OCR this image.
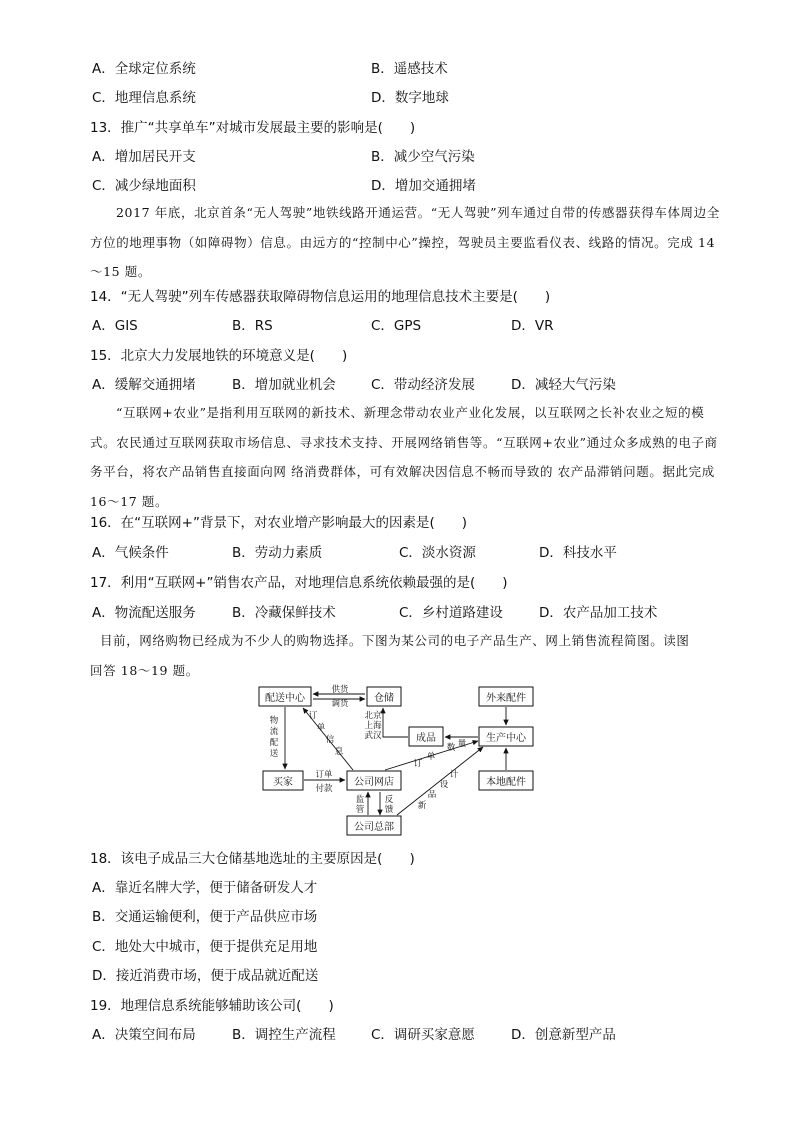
A．全球定位系统	B．遥感技术
C．地理信息系统	D．数字地球
13．推广“共享单车”对城市发展最主要的影响是(　　)
A．增加居民开支	B．减少空气污染
C．减少绿地面积	D．增加交通拥堵
2017 年底，北京首条“无人驾驶”地铁线路开通运营。“无人驾驶”列车通过自带的传感器获得车体周边全方位的地理事物（如障碍物）信息。由远方的“控制中心”操控，驾驶员主要监看仪表、线路的情况。完成 14～15 题。
14．“无人驾驶”列车传感器获取障碍物信息运用的地理信息技术主要是(　　)
A．GIS	B．RS	C．GPS	D．VR
15．北京大力发展地铁的环境意义是(　　)
A．缓解交通拥堵	B．增加就业机会	C．带动经济发展	D．减轻大气污染
“互联网+农业”是指利用互联网的新技术、新理念带动农业产业化发展，以互联网之长补农业之短的模式。农民通过互联网获取市场信息、寻求技术支持、开展网络销售等。“互联网+农业”通过众多成熟的电子商务平台，将农产品销售直接面向网 络消费群体，可有效解决因信息不畅而导致的 农产品滞销问题。据此完成 16～17 题。
16．在“互联网+”背景下，对农业增产影响最大的因素是(　　)
A．气候条件	B．劳动力素质	C．淡水资源	D．科技水平
17．利用“互联网+”销售农产品，对地理信息系统依赖最强的是(　　)
A．物流配送服务	B．冷藏保鲜技术	C．乡村道路建设	D．农产品加工技术
目前，网络购物已经成为不少人的购物选择。下图为某公司的电子产品生产、网上销售流程简图。读图回答 18～19 题。
配送中心	仓储	外来配件
成品	生产中心
买家	公司网店	本地配件
公司总部
供货
调货
北京
上海
武汉
物
流
配
送
订
单
信
息
订单
付款
监
管
反
馈
订
单
数 量
新
品
设
计
18．该电子成品三大仓储基地选址的主要原因是(　　)
A．靠近名牌大学，便于储备研发人才
B．交通运输便利，便于产品供应市场
C．地处大中城市，便于提供充足用地
D．接近消费市场，便于成品就近配送
19．地理信息系统能够辅助该公司(　　)
A．决策空间布局	B．调控生产流程	C．调研买家意愿	D．创意新型产品
